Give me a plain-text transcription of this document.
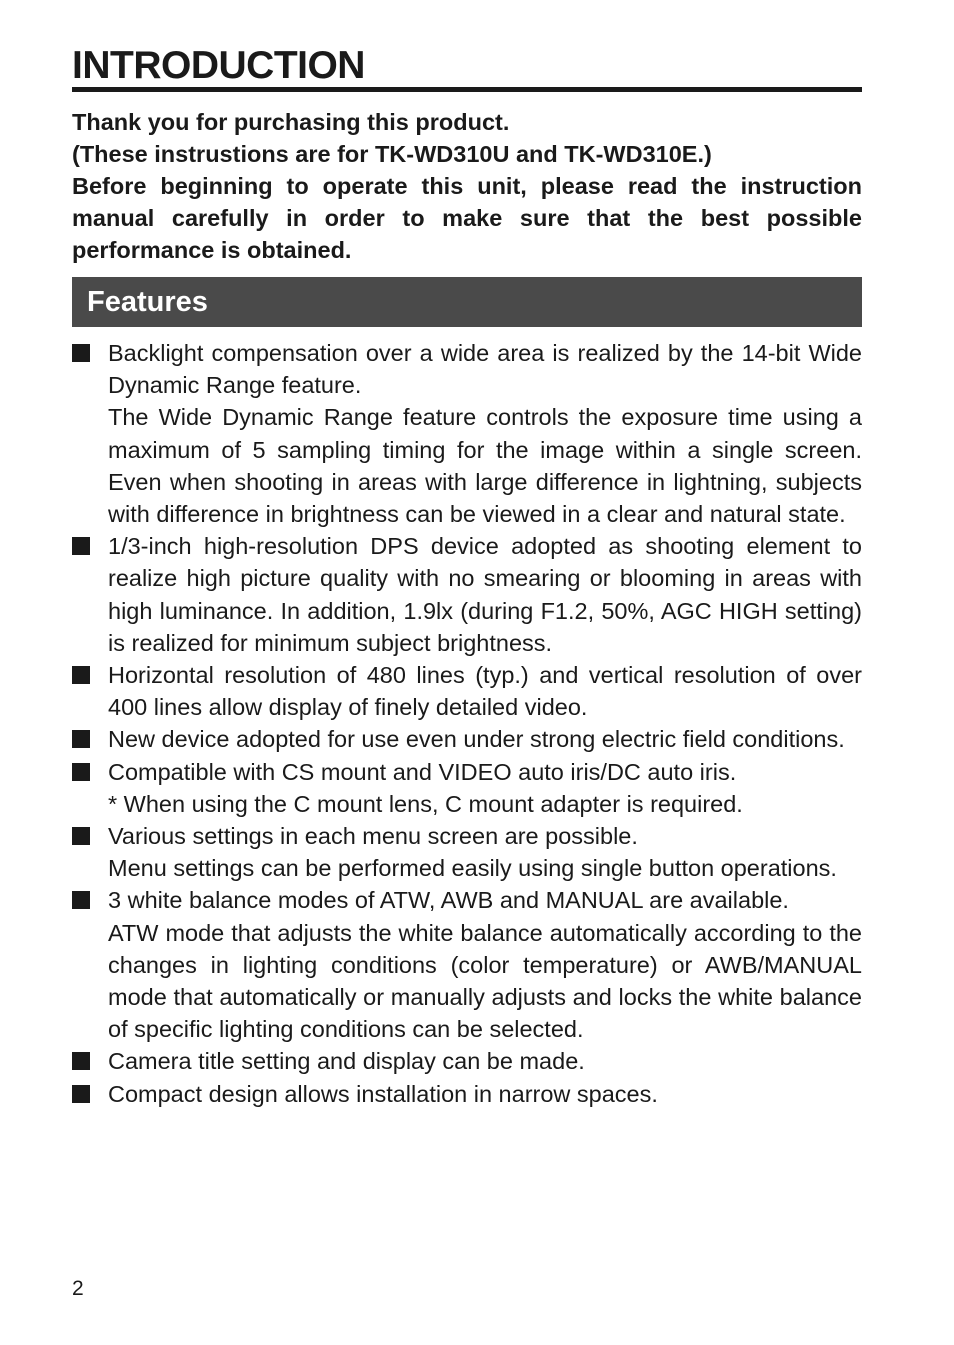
INTRODUCTION

Thank you for purchasing this product.

(These instrustions are for TK-WD310U and TK-WD310E.)

Before beginning to operate this unit, please read the instruction manual carefully in order to make sure that the best possible performance is obtained.

Features

Backlight compensation over a wide area is realized by the 14-bit Wide Dynamic Range feature.

The Wide Dynamic Range feature controls the exposure time using a maximum of 5 sampling timing for the image within a single screen. Even when shooting in areas with large difference in lightning, subjects with difference in brightness can be viewed in a clear and natural state.

1/3-inch high-resolution DPS device adopted as shooting element to realize high picture quality with no smearing or blooming in areas with high luminance. In addition, 1.9lx (during F1.2, 50%, AGC HIGH setting) is realized for minimum subject brightness.

Horizontal resolution of 480 lines (typ.) and vertical resolution of over 400 lines allow display of finely detailed video.

New device adopted for use even under strong electric field conditions.

Compatible with CS mount and VIDEO auto iris/DC auto iris.

* When using the C mount lens, C mount adapter is required.

Various settings in each menu screen are possible.

Menu settings can be performed easily using single button operations.

3 white balance modes of ATW, AWB and MANUAL are available.

ATW mode that adjusts the white balance automatically according to the changes in lighting conditions (color temperature) or AWB/MANUAL mode that automatically or manually adjusts and locks the white balance of specific lighting conditions can be selected.

Camera title setting and display can be made.

Compact design allows installation in narrow spaces.

2
